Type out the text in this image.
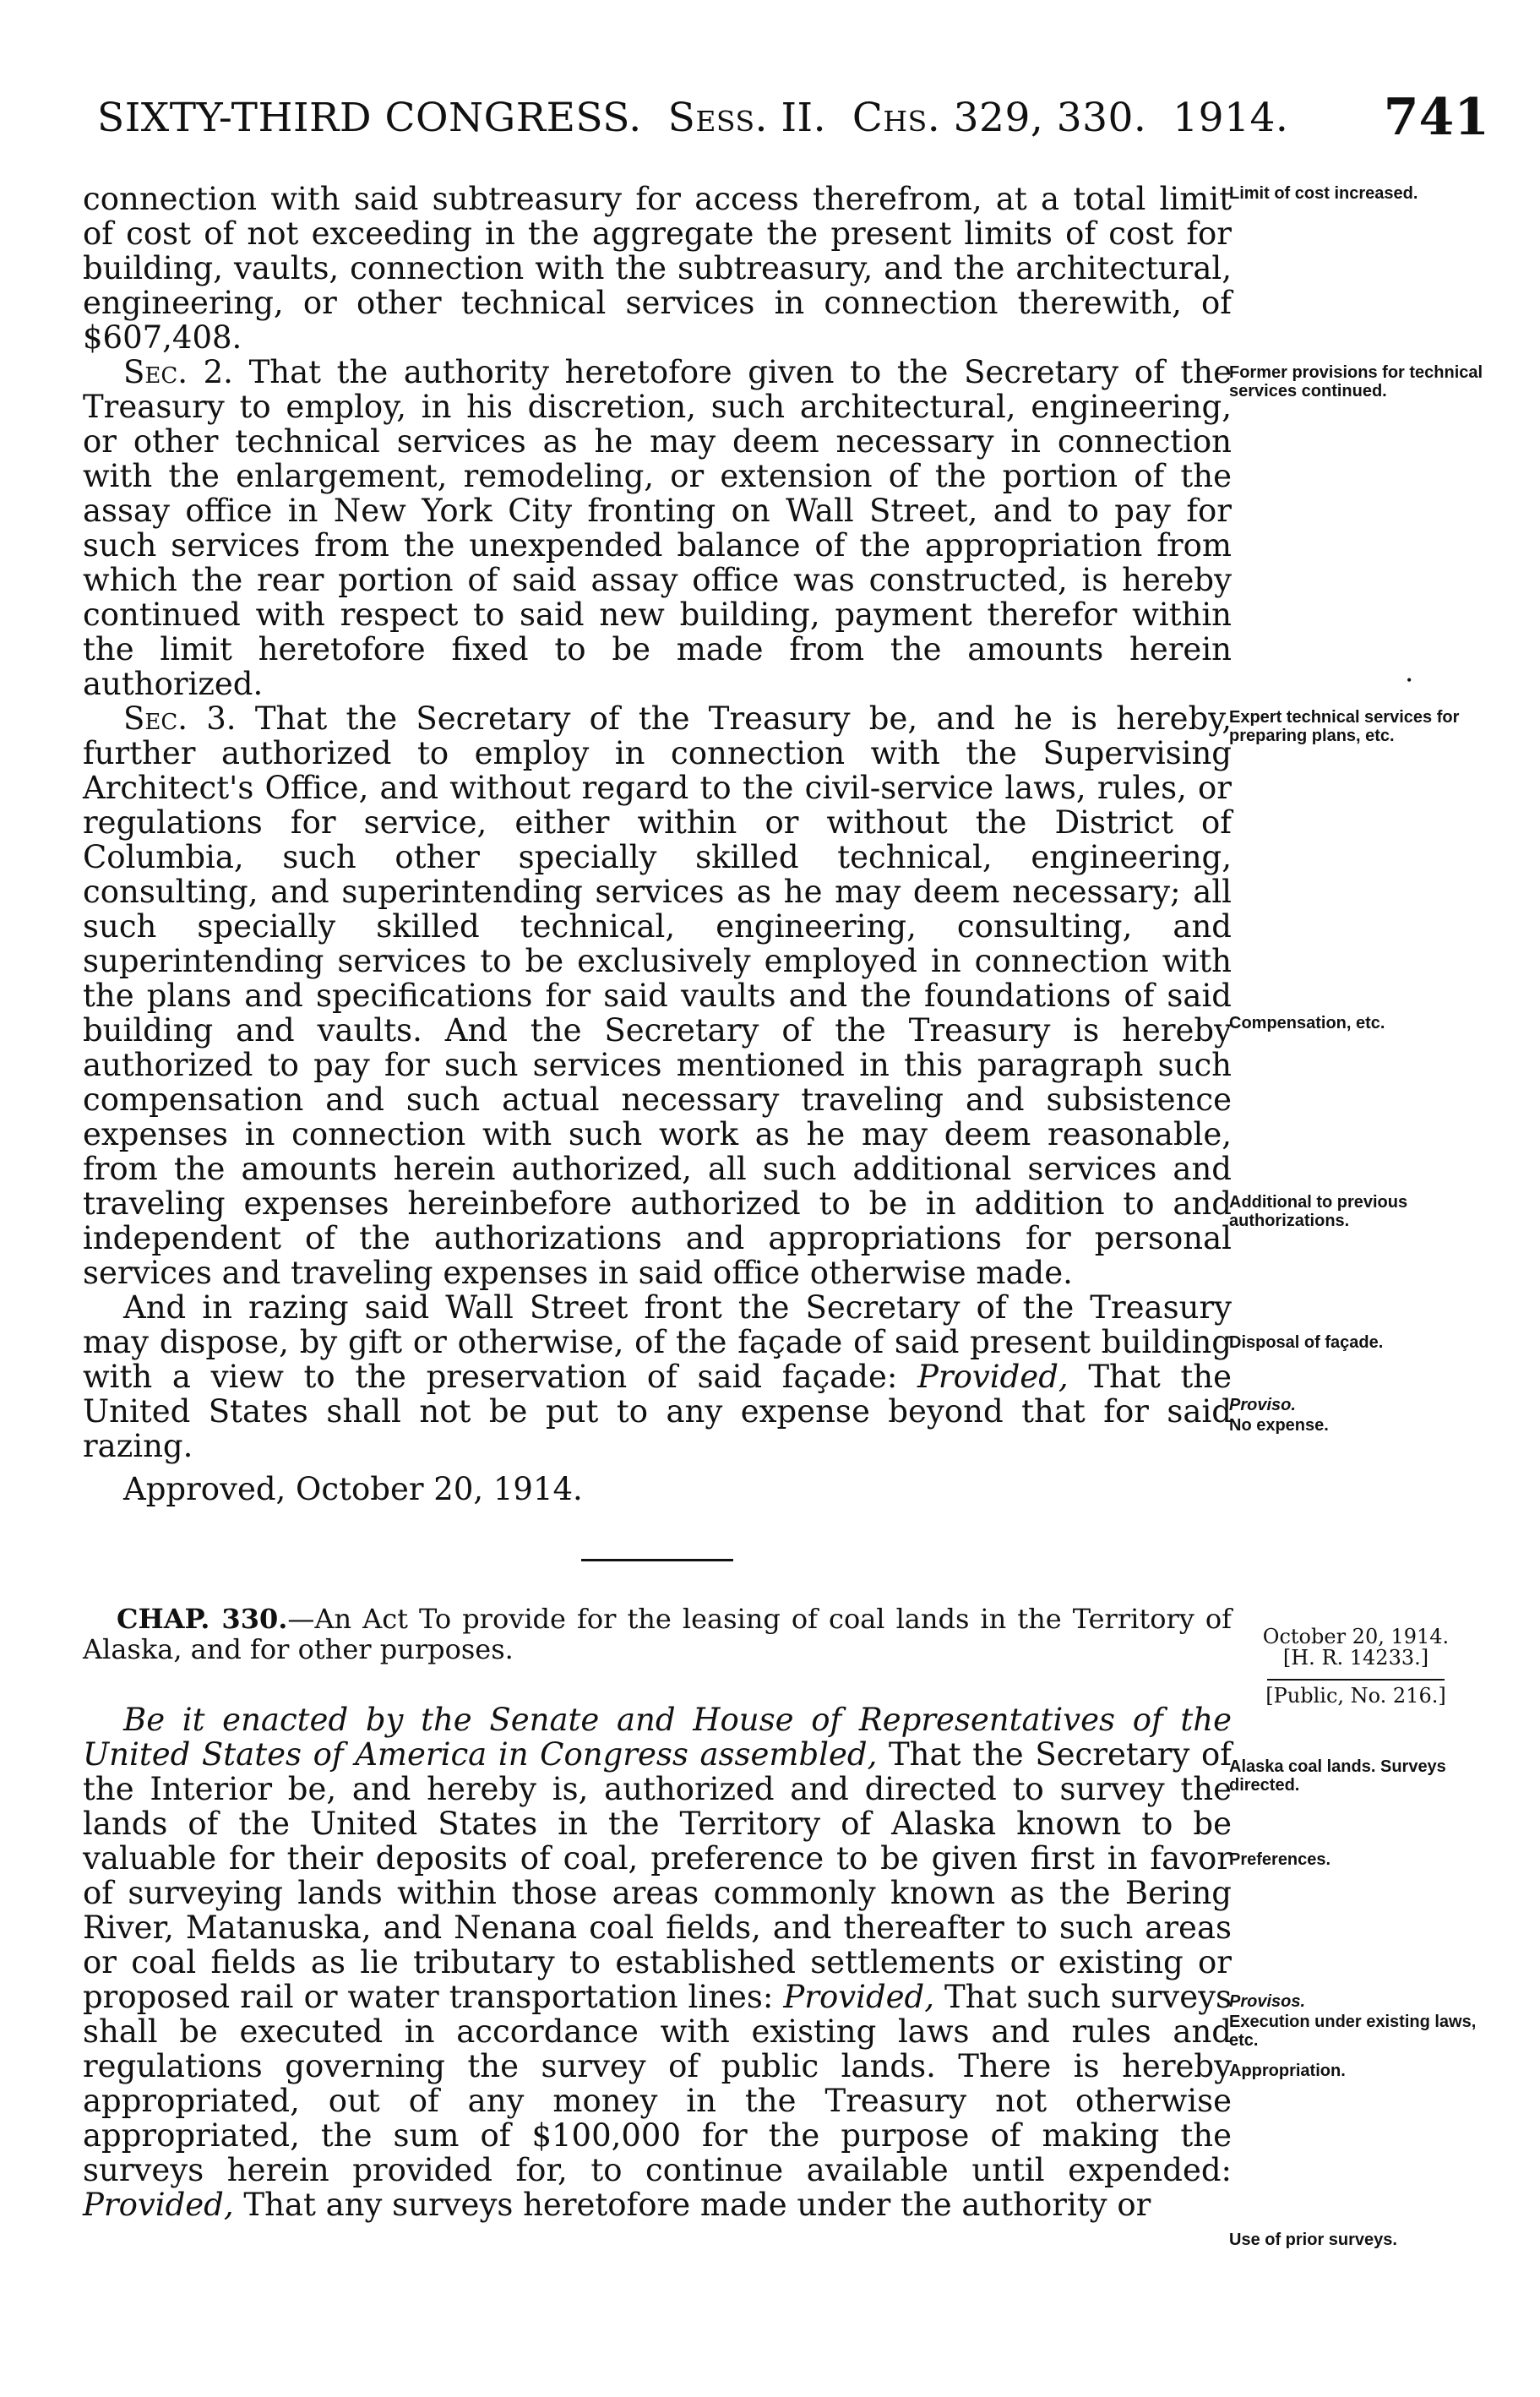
SIXTY-THIRD CONGRESS. Sess. II. Chs. 329, 330. 1914. 741

connection with said subtreasury for access therefrom, at a total limit of cost of not exceeding in the aggregate the present limits of cost for building, vaults, connection with the subtreasury, and the architectural, engineering, or other technical services in connection therewith, of $607,408.

Sec. 2. That the authority heretofore given to the Secretary of the Treasury to employ, in his discretion, such architectural, engineering, or other technical services as he may deem necessary in connection with the enlargement, remodeling, or extension of the portion of the assay office in New York City fronting on Wall Street, and to pay for such services from the unexpended balance of the appropriation from which the rear portion of said assay office was constructed, is hereby continued with respect to said new building, payment therefor within the limit heretofore fixed to be made from the amounts herein authorized.

Sec. 3. That the Secretary of the Treasury be, and he is hereby, further authorized to employ in connection with the Supervising Architect's Office, and without regard to the civil-service laws, rules, or regulations for service, either within or without the District of Columbia, such other specially skilled technical, engineering, consulting, and superintending services as he may deem necessary; all such specially skilled technical, engineering, consulting, and superintending services to be exclusively employed in connection with the plans and specifications for said vaults and the foundations of said building and vaults. And the Secretary of the Treasury is hereby authorized to pay for such services mentioned in this paragraph such compensation and such actual necessary traveling and subsistence expenses in connection with such work as he may deem reasonable, from the amounts herein authorized, all such additional services and traveling expenses hereinbefore authorized to be in addition to and independent of the authorizations and appropriations for personal services and traveling expenses in said office otherwise made.

And in razing said Wall Street front the Secretary of the Treasury may dispose, by gift or otherwise, of the façade of said present building with a view to the preservation of said façade: Provided, That the United States shall not be put to any expense beyond that for said razing.

Approved, October 20, 1914.

CHAP. 330.—An Act To provide for the leasing of coal lands in the Territory of Alaska, and for other purposes.

Be it enacted by the Senate and House of Representatives of the United States of America in Congress assembled, That the Secretary of the Interior be, and hereby is, authorized and directed to survey the lands of the United States in the Territory of Alaska known to be valuable for their deposits of coal, preference to be given first in favor of surveying lands within those areas commonly known as the Bering River, Matanuska, and Nenana coal fields, and thereafter to such areas or coal fields as lie tributary to established settlements or existing or proposed rail or water transportation lines: Provided, That such surveys shall be executed in accordance with existing laws and rules and regulations governing the survey of public lands. There is hereby appropriated, out of any money in the Treasury not otherwise appropriated, the sum of $100,000 for the purpose of making the surveys herein provided for, to continue available until expended: Provided, That any surveys heretofore made under the authority or

Limit of cost increased.
Former provisions for technical services continued.
Expert technical services for preparing plans, etc.
Compensation, etc.
Additional to previous authorizations.
Disposal of façade.
Proviso.
No expense.
Alaska coal lands. Surveys directed.
Preferences.
Provisos.
Execution under existing laws, etc.
Appropriation.
Use of prior surveys.
October 20, 1914.
[H. R. 14233.]
[Public, No. 216.]
•
